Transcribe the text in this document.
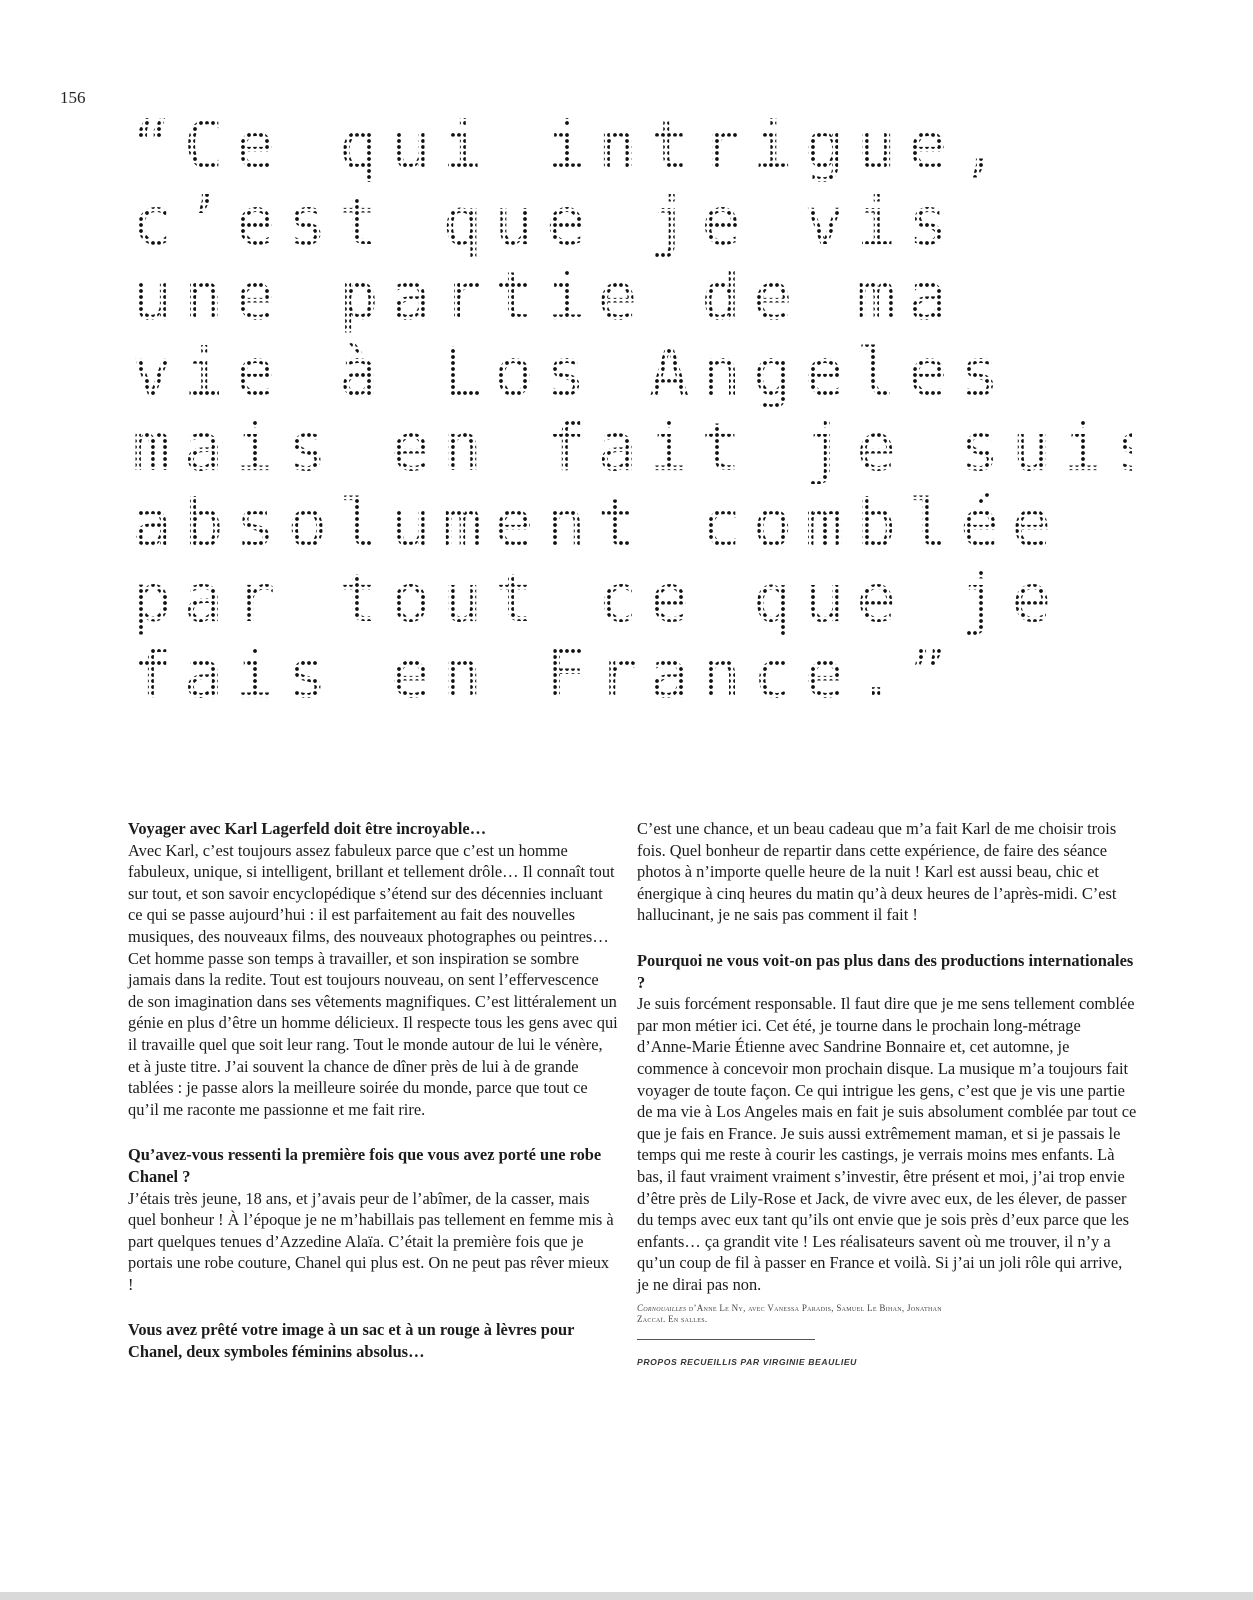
156
“Ce qui intrigue,
c’est que je vis
une partie de ma
vie à Los Angeles
mais en fait je suis
absolument comblée
par tout ce que je
fais en France.”

Voyager avec Karl Lagerfeld doit être incroyable…

Avec Karl, c’est toujours assez fabuleux parce que c’est un homme fabuleux, unique, si intelligent, brillant et tellement drôle… Il connaît tout sur tout, et son savoir encyclopédique s’étend sur des décennies incluant ce qui se passe aujourd’hui : il est parfaitement au fait des nouvelles musiques, des nouveaux films, des nouveaux photographes ou peintres… Cet homme passe son temps à travailler, et son inspiration se sombre jamais dans la redite. Tout est toujours nouveau, on sent l’effervescence de son imagination dans ses vêtements magnifiques. C’est littéralement un génie en plus d’être un homme délicieux. Il respecte tous les gens avec qui il travaille quel que soit leur rang. Tout le monde autour de lui le vénère, et à juste titre. J’ai souvent la chance de dîner près de lui à de grande tablées : je passe alors la meilleure soirée du monde, parce que tout ce qu’il me raconte me passionne et me fait rire.

Qu’avez-vous ressenti la première fois que vous avez porté une robe Chanel ?

J’étais très jeune, 18 ans, et j’avais peur de l’abîmer, de la casser, mais quel bonheur ! À l’époque je ne m’habillais pas tellement en femme mis à part quelques tenues d’Azzedine Alaïa. C’était la première fois que je portais une robe couture, Chanel qui plus est. On ne peut pas rêver mieux !

Vous avez prêté votre image à un sac et à un rouge à lèvres pour Chanel, deux symboles féminins absolus…

C’est une chance, et un beau cadeau que m’a fait Karl de me choisir trois fois. Quel bonheur de repartir dans cette expérience, de faire des séance photos à n’importe quelle heure de la nuit ! Karl est aussi beau, chic et énergique à cinq heures du matin qu’à deux heures de l’après-midi. C’est hallucinant, je ne sais pas comment il fait !

Pourquoi ne vous voit-on pas plus dans des productions internationales ?

Je suis forcément responsable. Il faut dire que je me sens tellement comblée par mon métier ici. Cet été, je tourne dans le prochain long-métrage d’Anne-Marie Étienne avec Sandrine Bonnaire et, cet automne, je commence à concevoir mon prochain disque. La musique m’a toujours fait voyager de toute façon. Ce qui intrigue les gens, c’est que je vis une partie de ma vie à Los Angeles mais en fait je suis absolument comblée par tout ce que je fais en France. Je suis aussi extrêmement maman, et si je passais le temps qui me reste à courir les castings, je verrais moins mes enfants. Là bas, il faut vraiment vraiment s’investir, être présent et moi, j’ai trop envie d’être près de Lily-Rose et Jack, de vivre avec eux, de les élever, de passer du temps avec eux tant qu’ils ont envie que je sois près d’eux parce que les enfants… ça grandit vite ! Les réalisateurs savent où me trouver, il n’y a qu’un coup de fil à passer en France et voilà. Si j’ai un joli rôle qui arrive, je ne dirai pas non.

Cornouailles d’Anne Le Ny, avec Vanessa Paradis, Samuel Le Bihan, Jonathan Zaccaï. En salles.
PROPOS RECUEILLIS PAR VIRGINIE BEAULIEU
